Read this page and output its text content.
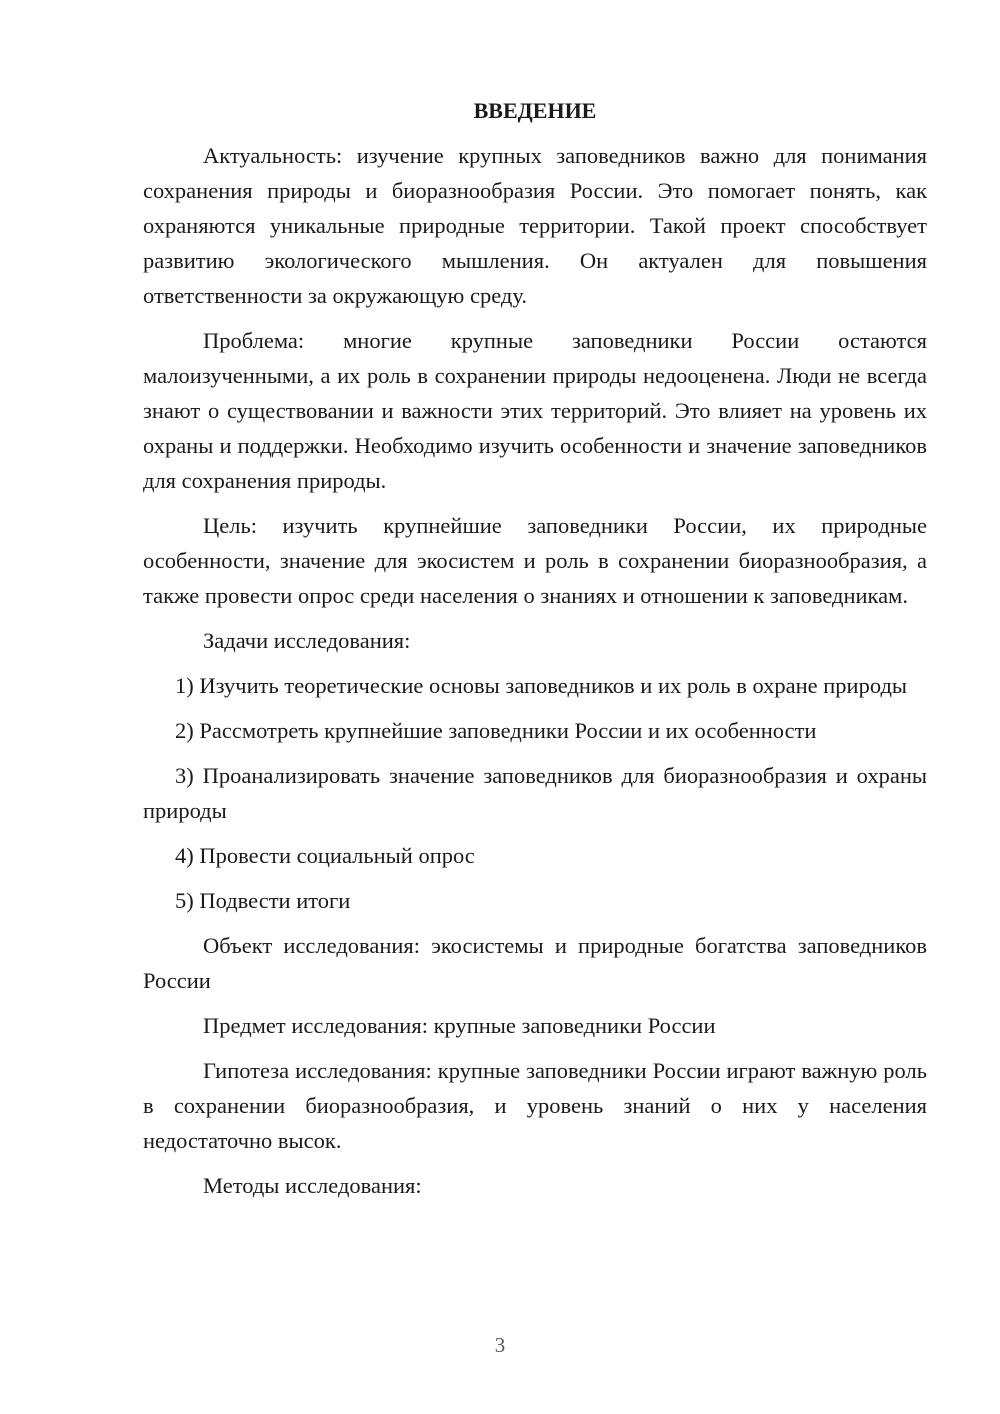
ВВЕДЕНИЕ

Актуальность: изучение крупных заповедников важно для понимания сохранения природы и биоразнообразия России. Это помогает понять, как охраняются уникальные природные территории. Такой проект способствует развитию экологического мышления. Он актуален для повышения ответственности за окружающую среду.

Проблема: многие крупные заповедники России остаются малоизученными, а их роль в сохранении природы недооценена. Люди не всегда знают о существовании и важности этих территорий. Это влияет на уровень их охраны и поддержки. Необходимо изучить особенности и значение заповедников для сохранения природы.

Цель: изучить крупнейшие заповедники России, их природные особенности, значение для экосистем и роль в сохранении биоразнообразия, а также провести опрос среди населения о знаниях и отношении к заповедникам.

Задачи исследования:

1) Изучить теоретические основы заповедников и их роль в охране природы

2) Рассмотреть крупнейшие заповедники России и их особенности

3) Проанализировать значение заповедников для биоразнообразия и охраны природы

4) Провести социальный опрос

5) Подвести итоги

Объект исследования: экосистемы и природные богатства заповедников России

Предмет исследования: крупные заповедники России

Гипотеза исследования: крупные заповедники России играют важную роль в сохранении биоразнообразия, и уровень знаний о них у населения недостаточно высок.

Методы исследования:

3
